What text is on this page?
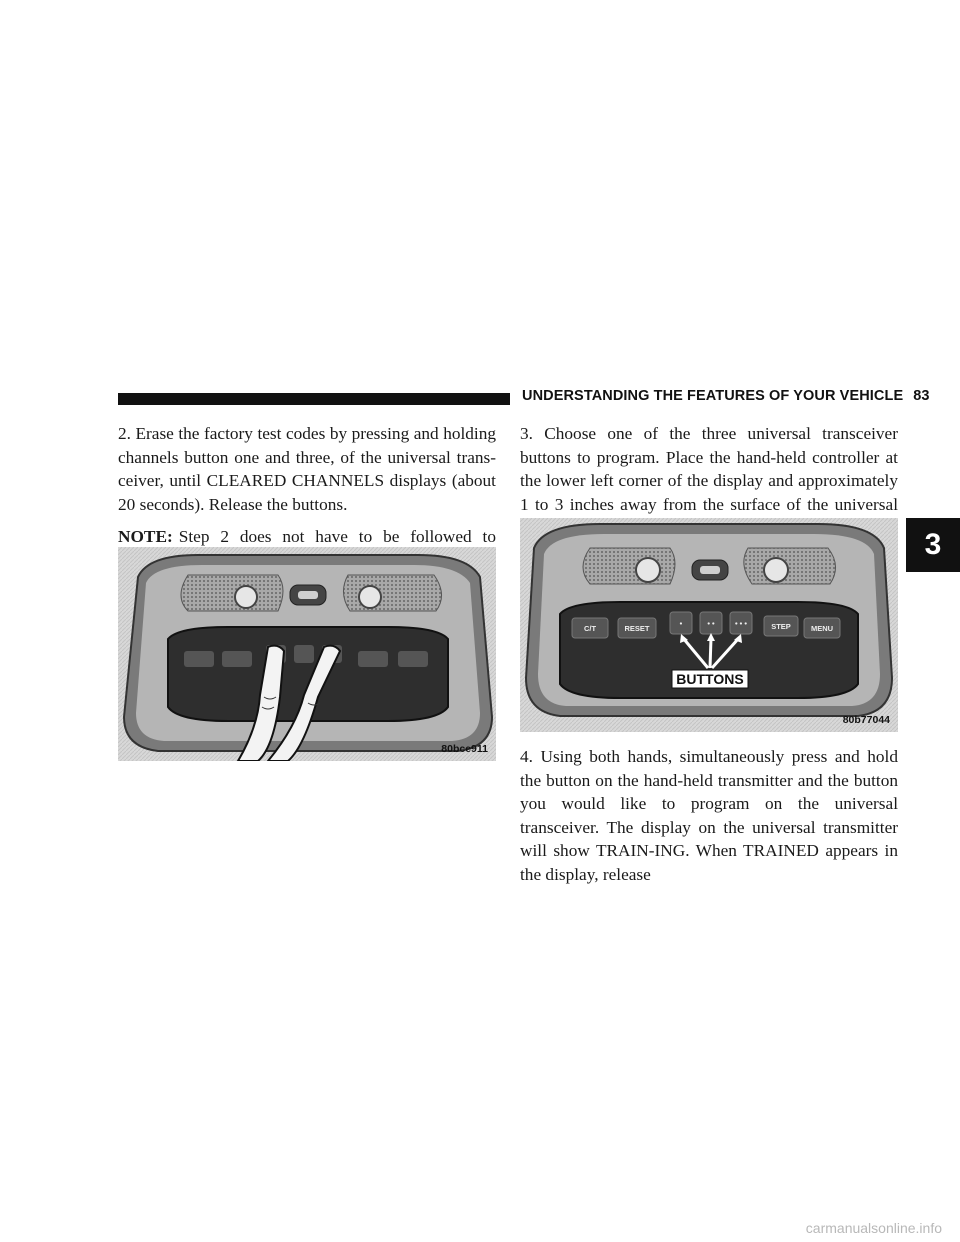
UNDERSTANDING THE FEATURES OF YOUR VEHICLE 83
3

2. Erase the factory test codes by pressing and holding channels button one and three, of the universal trans-ceiver, until CLEARED CHANNELS displays (about 20 seconds). Release the buttons.

NOTE: Step 2 does not have to be followed to

80bce911

3. Choose one of the three universal transceiver buttons to program. Place the hand-held controller at the lower left corner of the display and approximately 1 to 3 inches away from the surface of the universal

C/T	RESET
•	• •	• • •	STEP	MENU
BUTTONS
80b77044

4. Using both hands, simultaneously press and hold the button on the hand-held transmitter and the button you would like to program on the universal transceiver. The display on the universal transmitter will show TRAIN-ING. When TRAINED appears in the display, release

carmanualsonline.info
